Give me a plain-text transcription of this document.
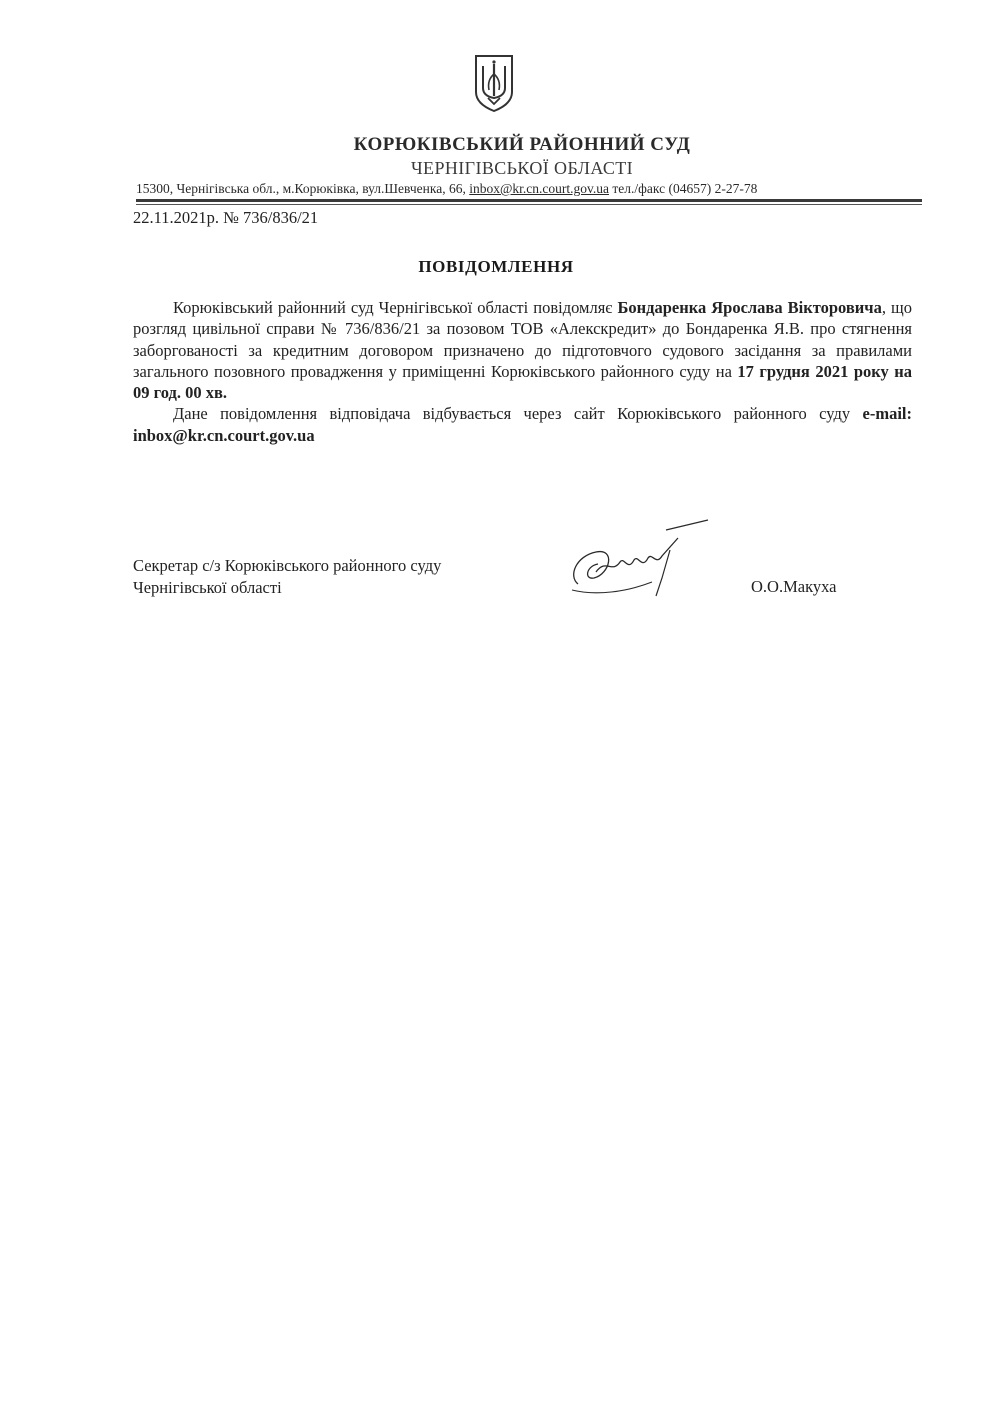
КОРЮКІВСЬКИЙ РАЙОННИЙ СУД
ЧЕРНІГІВСЬКОЇ ОБЛАСТІ
15300, Чернігівська обл., м.Корюківка, вул.Шевченка, 66, inbox@kr.cn.court.gov.ua тел./факс (04657) 2-27-78
22.11.2021р. № 736/836/21
ПОВІДОМЛЕННЯ

Корюківський районний суд Чернігівської області повідомляє Бондаренка Ярослава Вікторовича, що розгляд цивільної справи № 736/836/21 за позовом ТОВ «Алекскредит» до Бондаренка Я.В. про стягнення заборгованості за кредитним договором призначено до підготовчого судового засідання за правилами загального позовного провадження у приміщенні Корюківського районного суду на 17 грудня 2021 року на 09 год. 00 хв.

Дане повідомлення відповідача відбувається через сайт Корюківського районного суду e-mail: inbox@kr.cn.court.gov.ua

Секретар с/з Корюківського районного суду
Чернігівської області	О.О.Макуха
